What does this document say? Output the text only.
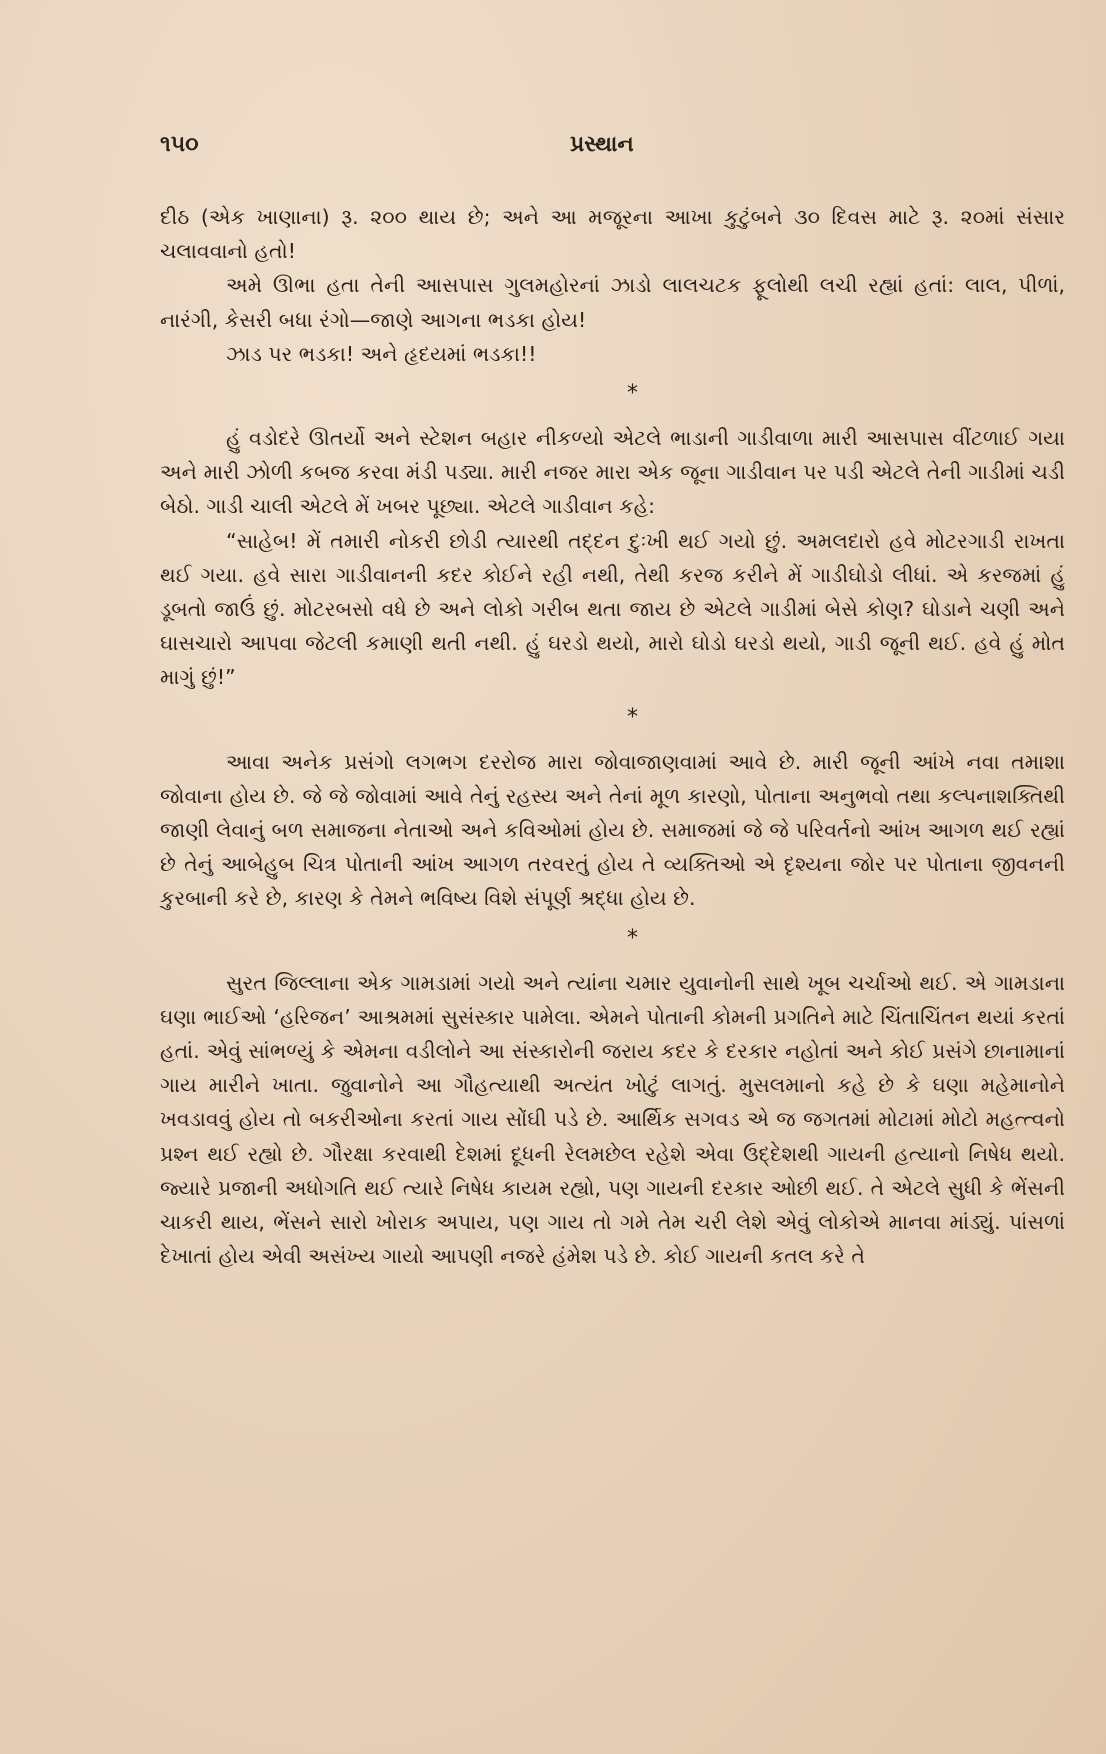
૧૫૦	પ્રસ્થાન

દીઠ (એક ખાણાના) રૂ. ૨૦૦ થાય છે; અને આ મજૂરના આખા કુટુંબને ૩૦ દિવસ માટે રૂ. ૨૦માં સંસાર ચલાવવાનો હતો!

અમે ઊભા હતા તેની આસપાસ ગુલમહોરનાં ઝાડો લાલચટક ફૂલોથી લચી રહ્યાં હતાં: લાલ, પીળાં, નારંગી, કેસરી બધા રંગો—જાણે આગના ભડકા હોય!

ઝાડ પર ભડકા! અને હૃદયમાં ભડકા!!

*

હું વડોદરે ઊતર્યો અને સ્ટેશન બહાર નીકળ્યો એટલે ભાડાની ગાડીવાળા મારી આસપાસ વીંટળાઈ ગયા અને મારી ઝોળી કબજ કરવા મંડી પડ્યા. મારી નજર મારા એક જૂના ગાડીવાન પર પડી એટલે તેની ગાડીમાં ચડી બેઠો. ગાડી ચાલી એટલે મેં ખબર પૂછ્યા. એટલે ગાડીવાન કહે:

“સાહેબ! મેં તમારી નોકરી છોડી ત્યારથી તદ્દન દુઃખી થઈ ગયો છું. અમલદારો હવે મોટરગાડી રાખતા થઈ ગયા. હવે સારા ગાડીવાનની કદર કોઈને રહી નથી, તેથી કરજ કરીને મેં ગાડીઘોડો લીધાં. એ કરજમાં હું ડૂબતો જાઉં છું. મોટરબસો વધે છે અને લોકો ગરીબ થતા જાય છે એટલે ગાડીમાં બેસે કોણ? ઘોડાને ચણી અને ઘાસચારો આપવા જેટલી કમાણી થતી નથી. હું ઘરડો થયો, મારો ઘોડો ઘરડો થયો, ગાડી જૂની થઈ. હવે હું મોત માગું છું!”

*

આવા અનેક પ્રસંગો લગભગ દરરોજ મારા જોવાજાણવામાં આવે છે. મારી જૂની આંખે નવા તમાશા જોવાના હોય છે. જે જે જોવામાં આવે તેનું રહસ્ય અને તેનાં મૂળ કારણો, પોતાના અનુભવો તથા કલ્પનાશક્તિથી જાણી લેવાનું બળ સમાજના નેતાઓ અને કવિઓમાં હોય છે. સમાજમાં જે જે પરિવર્તનો આંખ આગળ થઈ રહ્યાં છે તેનું આબેહુબ ચિત્ર પોતાની આંખ આગળ તરવરતું હોય તે વ્યક્તિઓ એ દૃશ્યના જોર પર પોતાના જીવનની કુરબાની કરે છે, કારણ કે તેમને ભવિષ્ય વિશે સંપૂર્ણ શ્રદ્ધા હોય છે.

*

સુરત જિલ્લાના એક ગામડામાં ગયો અને ત્યાંના ચમાર યુવાનોની સાથે ખૂબ ચર્ચાઓ થઈ. એ ગામડાના ઘણા ભાઈઓ ‘હરિજન’ આશ્રમમાં સુસંસ્કાર પામેલા. એમને પોતાની કોમની પ્રગતિને માટે ચિંતાચિંતન થયાં કરતાં હતાં. એવું સાંભળ્યું કે એમના વડીલોને આ સંસ્કારોની જરાય કદર કે દરકાર નહોતાં અને કોઈ પ્રસંગે છાનામાનાં ગાય મારીને ખાતા. જુવાનોને આ ગૌહત્યાથી અત્યંત ખોટું લાગતું. મુસલમાનો કહે છે કે ઘણા મહેમાનોને ખવડાવવું હોય તો બકરીઓના કરતાં ગાય સોંઘી પડે છે. આર્થિક સગવડ એ જ જગતમાં મોટામાં મોટો મહત્ત્વનો પ્રશ્ન થઈ રહ્યો છે. ગૌરક્ષા કરવાથી દેશમાં દૂધની રેલમછેલ રહેશે એવા ઉદ્દેશથી ગાયની હત્યાનો નિષેધ થયો. જ્યારે પ્રજાની અધોગતિ થઈ ત્યારે નિષેધ કાયમ રહ્યો, પણ ગાયની દરકાર ઓછી થઈ. તે એટલે સુધી કે ભેંસની ચાકરી થાય, ભેંસને સારો ખોરાક અપાય, પણ ગાય તો ગમે તેમ ચરી લેશે એવું લોકોએ માનવા માંડ્યું. પાંસળાં દેખાતાં હોય એવી અસંખ્ય ગાયો આપણી નજરે હંમેશ પડે છે. કોઈ ગાયની કતલ કરે તે
